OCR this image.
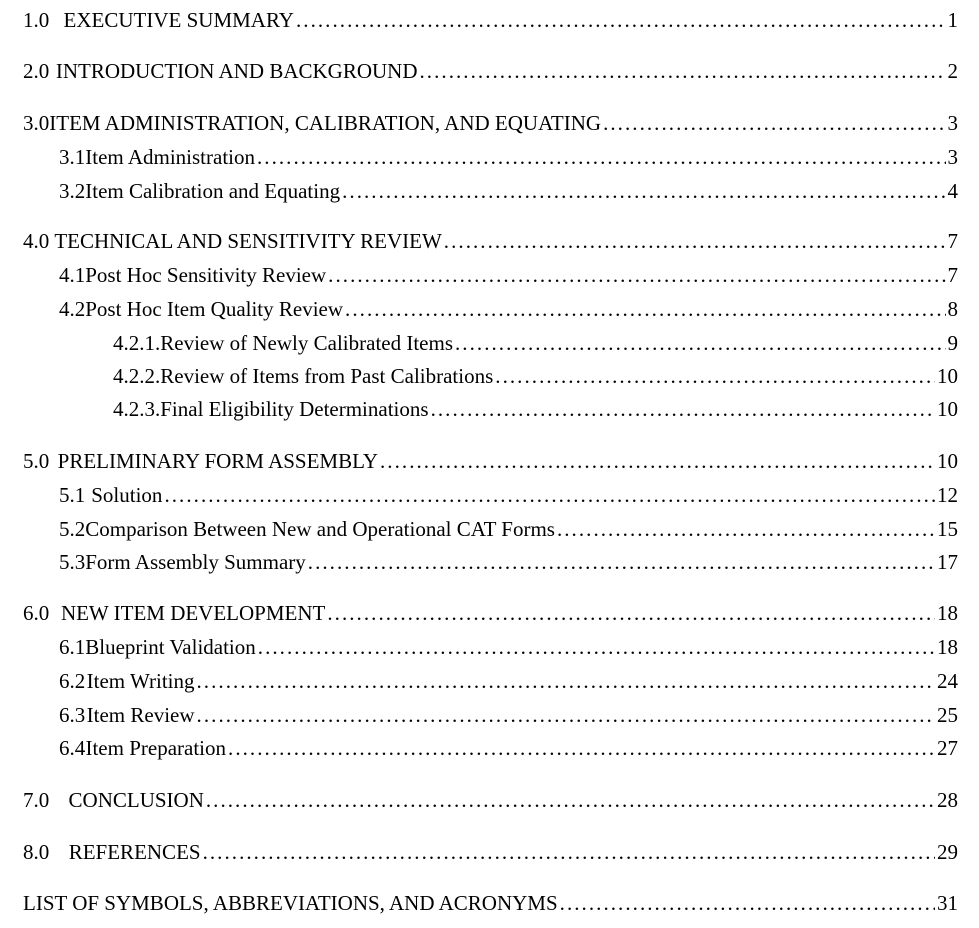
1.0 EXECUTIVE SUMMARY . . .	1
2.0 INTRODUCTION AND BACKGROUND . . .	2
3.0 ITEM ADMINISTRATION, CALIBRATION, AND EQUATING . . .	3
3.1 Item Administration . . .	3
3.2 Item Calibration and Equating . . .	4
4.0 TECHNICAL AND SENSITIVITY REVIEW . . .	7
4.1 Post Hoc Sensitivity Review . . .	7
4.2 Post Hoc Item Quality Review . . .	8
4.2.1. Review of Newly Calibrated Items . . .	9
4.2.2. Review of Items from Past Calibrations . . .	10
4.2.3. Final Eligibility Determinations . . .	10
5.0 PRELIMINARY FORM ASSEMBLY . . .	10
5.1 Solution . . .	12
5.2 Comparison Between New and Operational CAT Forms . . .	15
5.3 Form Assembly Summary . . .	17
6.0 NEW ITEM DEVELOPMENT . . .	18
6.1 Blueprint Validation . . .	18
6.2 Item Writing . . .	24
6.3 Item Review . . .	25
6.4 Item Preparation . . .	27
7.0 CONCLUSION . . .	28
8.0 REFERENCES . . .	29
LIST OF SYMBOLS, ABBREVIATIONS, AND ACRONYMS . . .	31
